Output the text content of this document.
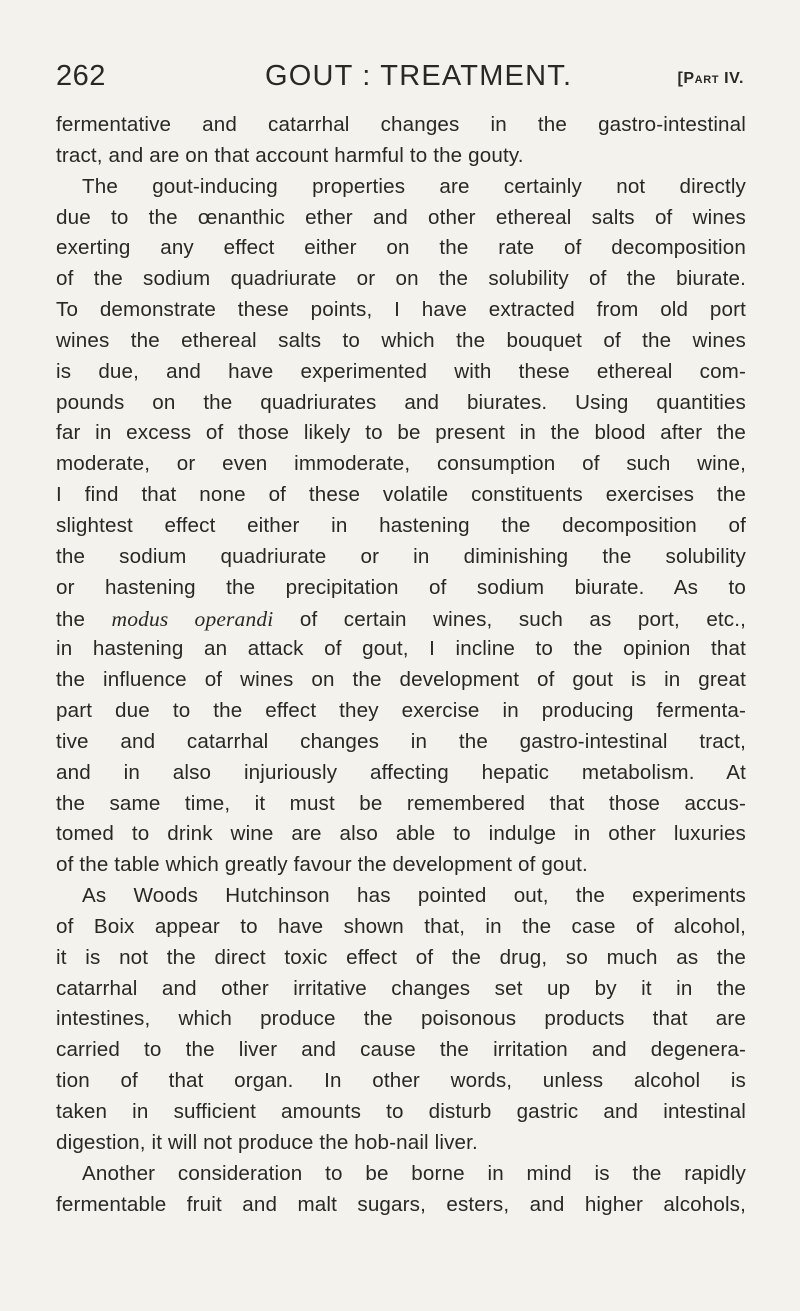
262	GOUT : TREATMENT.	[Part IV.
fermentative and catarrhal changes in the gastro-intestinal
tract, and are on that account harmful to the gouty.
The gout-inducing properties are certainly not directly
due to the œnanthic ether and other ethereal salts of wines
exerting any effect either on the rate of decomposition
of the sodium quadriurate or on the solubility of the biurate.
To demonstrate these points, I have extracted from old port
wines the ethereal salts to which the bouquet of the wines
is due, and have experimented with these ethereal com-
pounds on the quadriurates and biurates. Using quantities
far in excess of those likely to be present in the blood after the
moderate, or even immoderate, consumption of such wine,
I find that none of these volatile constituents exercises the
slightest effect either in hastening the decomposition of
the sodium quadriurate or in diminishing the solubility
or hastening the precipitation of sodium biurate. As to
the modus operandi of certain wines, such as port, etc.,
in hastening an attack of gout, I incline to the opinion that
the influence of wines on the development of gout is in great
part due to the effect they exercise in producing fermenta-
tive and catarrhal changes in the gastro-intestinal tract,
and in also injuriously affecting hepatic metabolism. At
the same time, it must be remembered that those accus-
tomed to drink wine are also able to indulge in other luxuries
of the table which greatly favour the development of gout.
As Woods Hutchinson has pointed out, the experiments
of Boix appear to have shown that, in the case of alcohol,
it is not the direct toxic effect of the drug, so much as the
catarrhal and other irritative changes set up by it in the
intestines, which produce the poisonous products that are
carried to the liver and cause the irritation and degenera-
tion of that organ. In other words, unless alcohol is
taken in sufficient amounts to disturb gastric and intestinal
digestion, it will not produce the hob-nail liver.
Another consideration to be borne in mind is the rapidly
fermentable fruit and malt sugars, esters, and higher alcohols,
